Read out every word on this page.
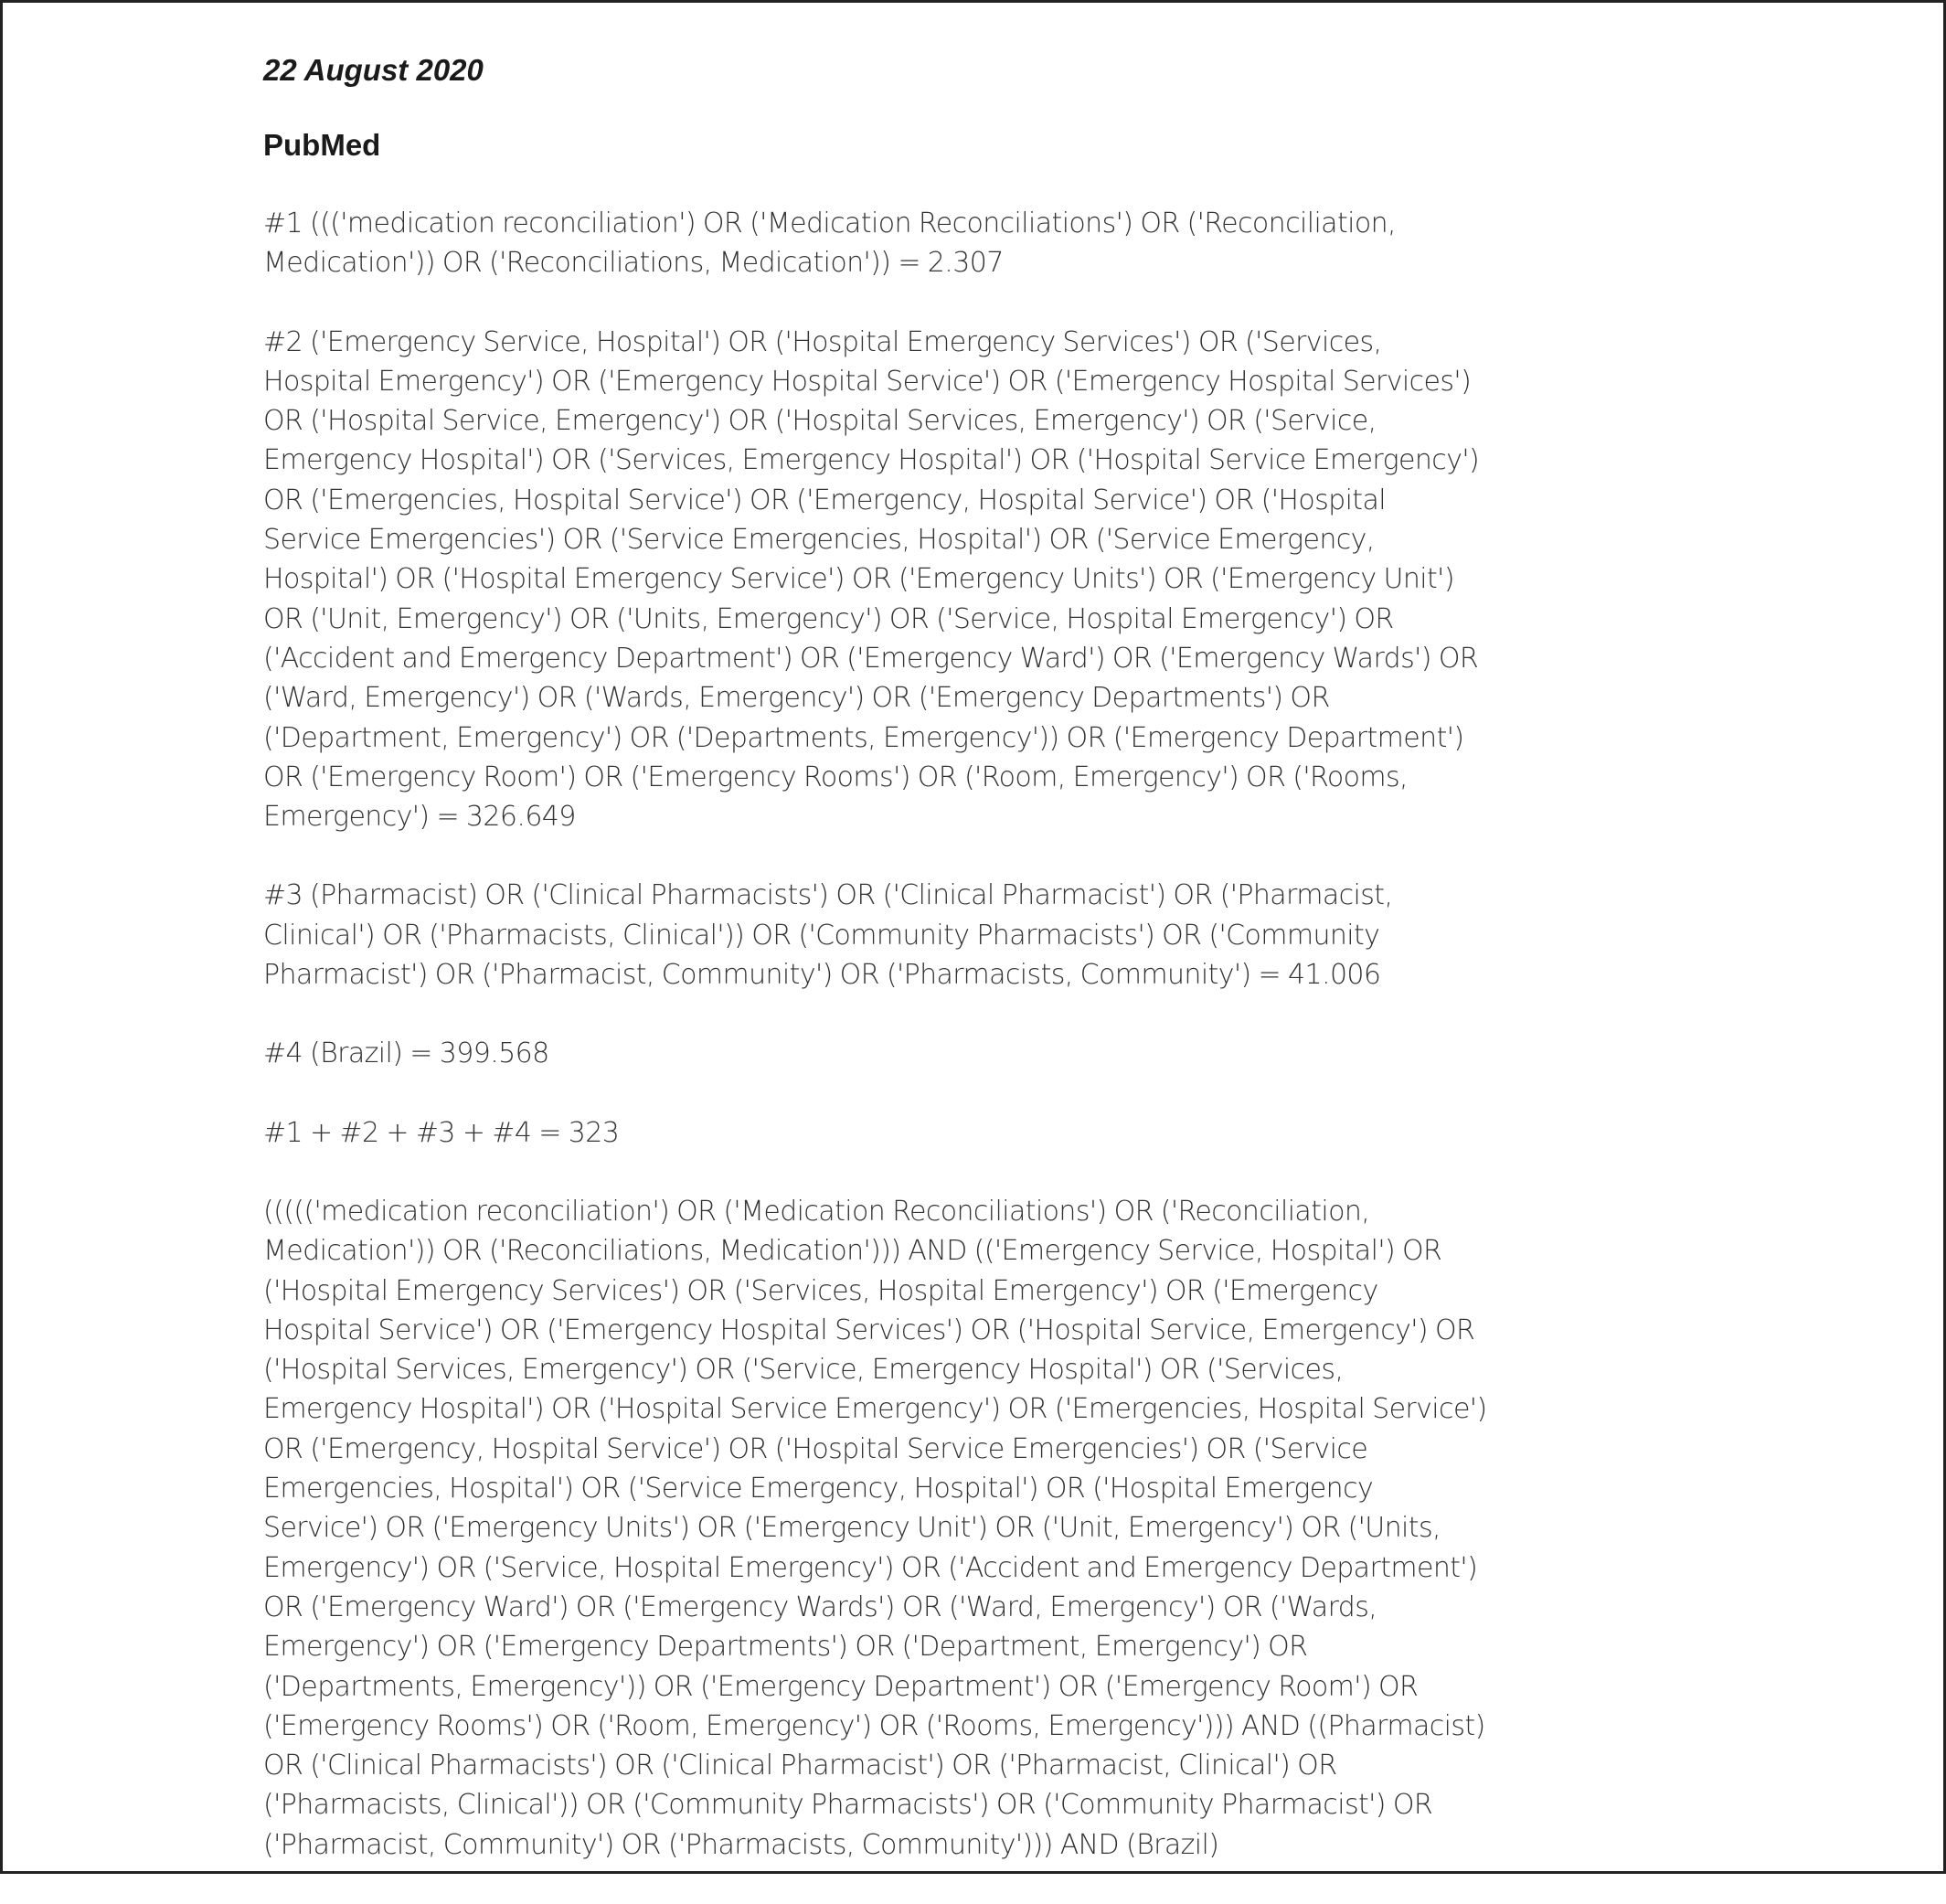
22 August 2020

PubMed

#1 ((('medication reconciliation') OR ('Medication Reconciliations') OR ('Reconciliation, Medication')) OR ('Reconciliations, Medication')) = 2.307

#2 ('Emergency Service, Hospital') OR ('Hospital Emergency Services') OR ('Services, Hospital Emergency') OR ('Emergency Hospital Service') OR ('Emergency Hospital Services') OR ('Hospital Service, Emergency') OR ('Hospital Services, Emergency') OR ('Service, Emergency Hospital') OR ('Services, Emergency Hospital') OR ('Hospital Service Emergency') OR ('Emergencies, Hospital Service') OR ('Emergency, Hospital Service') OR ('Hospital Service Emergencies') OR ('Service Emergencies, Hospital') OR ('Service Emergency, Hospital') OR ('Hospital Emergency Service') OR ('Emergency Units') OR ('Emergency Unit') OR ('Unit, Emergency') OR ('Units, Emergency') OR ('Service, Hospital Emergency') OR ('Accident and Emergency Department') OR ('Emergency Ward') OR ('Emergency Wards') OR ('Ward, Emergency') OR ('Wards, Emergency') OR ('Emergency Departments') OR ('Department, Emergency') OR ('Departments, Emergency')) OR ('Emergency Department') OR ('Emergency Room') OR ('Emergency Rooms') OR ('Room, Emergency') OR ('Rooms, Emergency') = 326.649

#3 (Pharmacist) OR ('Clinical Pharmacists') OR ('Clinical Pharmacist') OR ('Pharmacist, Clinical') OR ('Pharmacists, Clinical')) OR ('Community Pharmacists') OR ('Community Pharmacist') OR ('Pharmacist, Community') OR ('Pharmacists, Community') = 41.006

#4 (Brazil) = 399.568

#1 + #2 + #3 + #4 = 323

((((('medication reconciliation') OR ('Medication Reconciliations') OR ('Reconciliation, Medication')) OR ('Reconciliations, Medication'))) AND (('Emergency Service, Hospital') OR ('Hospital Emergency Services') OR ('Services, Hospital Emergency') OR ('Emergency Hospital Service') OR ('Emergency Hospital Services') OR ('Hospital Service, Emergency') OR ('Hospital Services, Emergency') OR ('Service, Emergency Hospital') OR ('Services, Emergency Hospital') OR ('Hospital Service Emergency') OR ('Emergencies, Hospital Service') OR ('Emergency, Hospital Service') OR ('Hospital Service Emergencies') OR ('Service Emergencies, Hospital') OR ('Service Emergency, Hospital') OR ('Hospital Emergency Service') OR ('Emergency Units') OR ('Emergency Unit') OR ('Unit, Emergency') OR ('Units, Emergency') OR ('Service, Hospital Emergency') OR ('Accident and Emergency Department') OR ('Emergency Ward') OR ('Emergency Wards') OR ('Ward, Emergency') OR ('Wards, Emergency') OR ('Emergency Departments') OR ('Department, Emergency') OR ('Departments, Emergency')) OR ('Emergency Department') OR ('Emergency Room') OR ('Emergency Rooms') OR ('Room, Emergency') OR ('Rooms, Emergency'))) AND ((Pharmacist) OR ('Clinical Pharmacists') OR ('Clinical Pharmacist') OR ('Pharmacist, Clinical') OR ('Pharmacists, Clinical')) OR ('Community Pharmacists') OR ('Community Pharmacist') OR ('Pharmacist, Community') OR ('Pharmacists, Community'))) AND (Brazil)
